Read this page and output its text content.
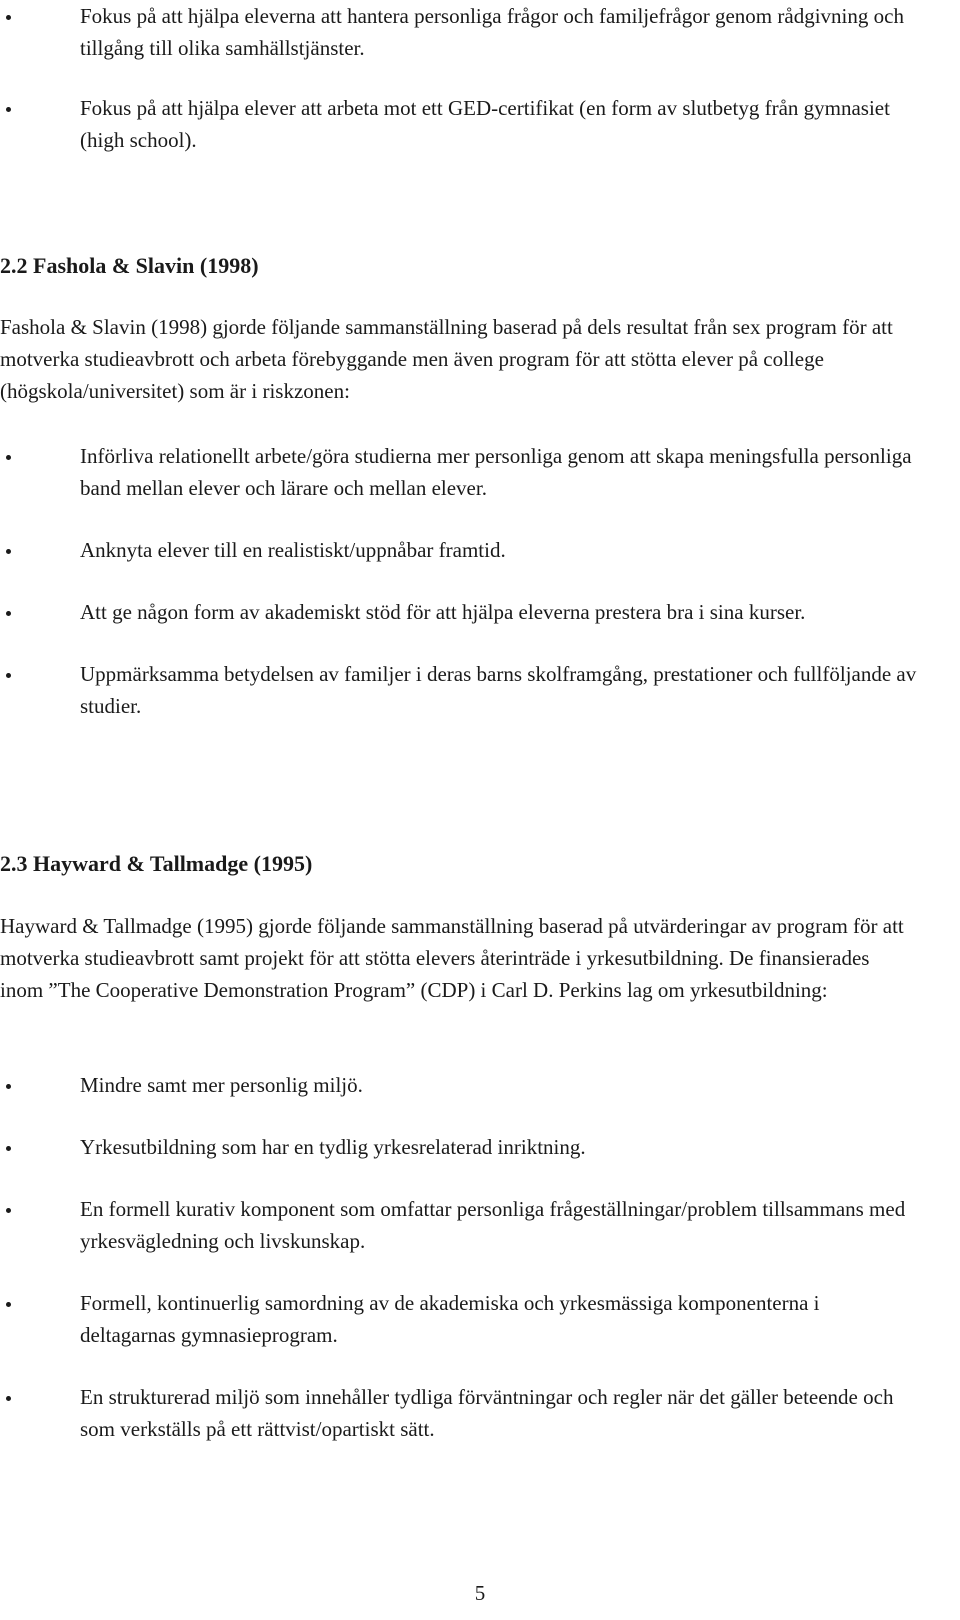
Fokus på att hjälpa eleverna att hantera personliga frågor och familjefrågor genom rådgivning och tillgång till olika samhällstjänster.
Fokus på att hjälpa elever att arbeta mot ett GED-certifikat (en form av slutbetyg från gymnasiet (high school).
2.2 Fashola & Slavin (1998)

Fashola & Slavin (1998) gjorde följande sammanställning baserad på dels resultat från sex program för att motverka studieavbrott och arbeta förebyggande men även program för att stötta elever på college (högskola/universitet) som är i riskzonen:

Införliva relationellt arbete/göra studierna mer personliga genom att skapa meningsfulla personliga band mellan elever och lärare och mellan elever.
Anknyta elever till en realistiskt/uppnåbar framtid.
Att ge någon form av akademiskt stöd för att hjälpa eleverna prestera bra i sina kurser.
Uppmärksamma betydelsen av familjer i deras barns skolframgång, prestationer och fullföljande av studier.
2.3 Hayward & Tallmadge (1995)

Hayward & Tallmadge (1995) gjorde följande sammanställning baserad på utvärderingar av program för att motverka studieavbrott samt projekt för att stötta elevers återinträde i yrkesutbildning. De finansierades inom ”The Cooperative Demonstration Program” (CDP) i Carl D. Perkins lag om yrkesutbildning:

Mindre samt mer personlig miljö.
Yrkesutbildning som har en tydlig yrkesrelaterad inriktning.
En formell kurativ komponent som omfattar personliga frågeställningar/problem tillsammans med yrkesvägledning och livskunskap.
Formell, kontinuerlig samordning av de akademiska och yrkesmässiga komponenterna i deltagarnas gymnasieprogram.
En strukturerad miljö som innehåller tydliga förväntningar och regler när det gäller beteende och som verkställs på ett rättvist/opartiskt sätt.
5
